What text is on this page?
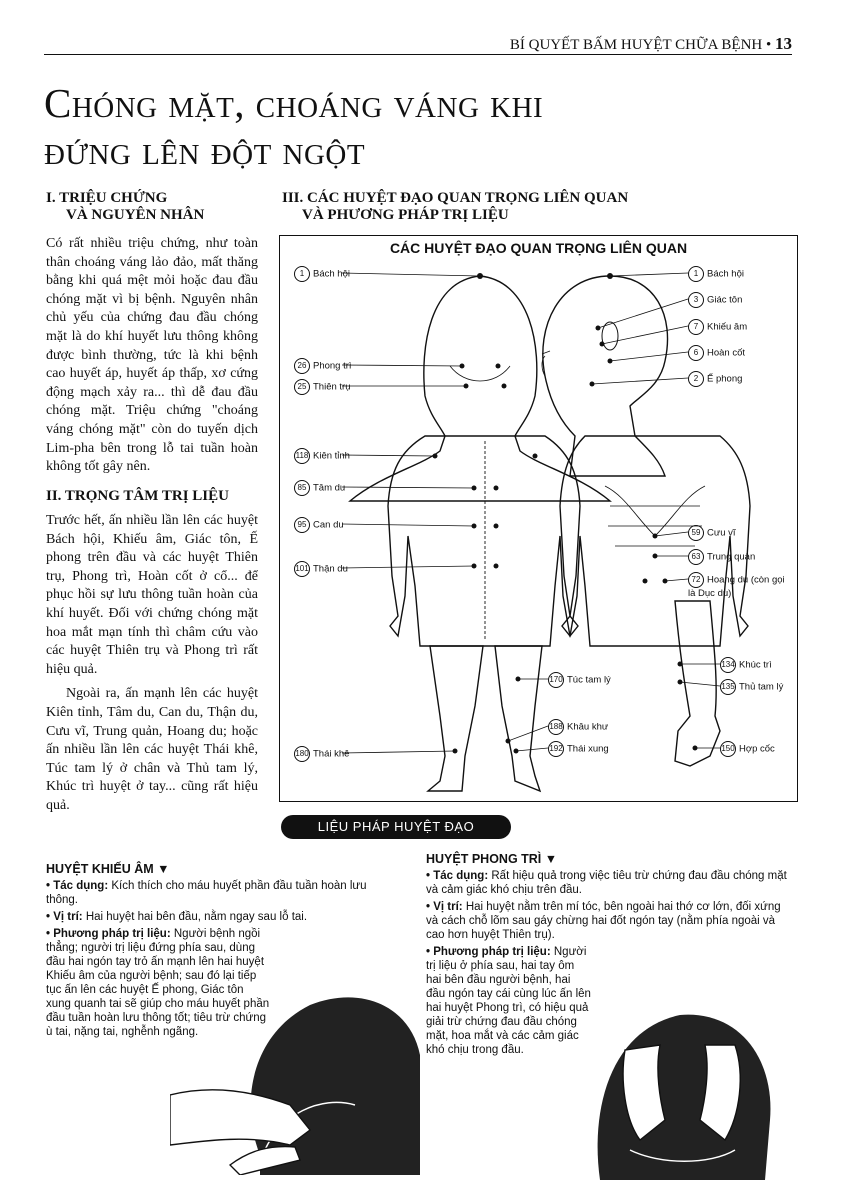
BÍ QUYẾT BẤM HUYỆT CHỮA BỆNH • 13
Chóng mặt, choáng váng khi
đứng lên đột ngột
I. TRIỆU CHỨNG
VÀ NGUYÊN NHÂN

Có rất nhiều triệu chứng, như toàn thân choáng váng lảo đảo, mất thăng bằng khi quá mệt mỏi hoặc đau đầu chóng mặt vì bị bệnh. Nguyên nhân chủ yếu của chứng đau đầu chóng mặt là do khí huyết lưu thông không được bình thường, tức là khi bệnh cao huyết áp, huyết áp thấp, xơ cứng động mạch xảy ra... thì dễ đau đầu chóng mặt. Triệu chứng "choáng váng chóng mặt" còn do tuyến dịch Lim-pha bên trong lỗ tai tuần hoàn không tốt gây nên.

II. TRỌNG TÂM TRỊ LIỆU

Trước hết, ấn nhiều lần lên các huyệt Bách hội, Khiếu âm, Giác tôn, Ế phong trên đầu và các huyệt Thiên trụ, Phong trì, Hoàn cốt ở cổ... để phục hồi sự lưu thông tuần hoàn của khí huyết. Đối với chứng chóng mặt hoa mắt mạn tính thì châm cứu vào các huyệt Thiên trụ và Phong trì rất hiệu quả.

Ngoài ra, ấn mạnh lên các huyệt Kiên tỉnh, Tâm du, Can du, Thận du, Cưu vĩ, Trung quản, Hoang du; hoặc ấn nhiều lần lên các huyệt Thái khê, Túc tam lý ở chân và Thủ tam lý, Khúc trì huyệt ở tay... cũng rất hiệu quả.

III. CÁC HUYỆT ĐẠO QUAN TRỌNG LIÊN QUAN
VÀ PHƯƠNG PHÁP TRỊ LIỆU
CÁC HUYỆT ĐẠO QUAN TRỌNG LIÊN QUAN
1 Bách hội	1 Bách hội
3 Giác tôn
7 Khiếu âm
6 Hoàn cốt
26 Phong trì
25 Thiên trụ
2 Ế phong
118 Kiên tỉnh
85 Tâm du
95 Can du
101 Thận du
59 Cưu vĩ
63 Trung quản
72 Hoang du (còn gọi là Dục du)
134 Khúc trì
135 Thủ tam lý
170 Túc tam lý
188 Khâu khư
192 Thái xung
180 Thái khê
150 Hợp cốc
LIỆU PHÁP HUYỆT ĐẠO
HUYỆT KHIẾU ÂM ▼

• Tác dụng: Kích thích cho máu huyết phần đầu tuần hoàn lưu thông.

• Vị trí: Hai huyệt hai bên đầu, nằm ngay sau lỗ tai.

• Phương pháp trị liệu: Người bệnh ngồi thẳng; người trị liệu đứng phía sau, dùng đầu hai ngón tay trỏ ấn mạnh lên hai huyệt Khiếu âm của người bệnh; sau đó lại tiếp tục ấn lên các huyệt Ế phong, Giác tôn xung quanh tai sẽ giúp cho máu huyết phần đầu tuần hoàn lưu thông tốt; tiêu trừ chứng ù tai, nặng tai, nghễnh ngãng.

HUYỆT PHONG TRÌ ▼

• Tác dụng: Rất hiệu quả trong việc tiêu trừ chứng đau đầu chóng mặt và cảm giác khó chịu trên đầu.

• Vị trí: Hai huyệt nằm trên mí tóc, bên ngoài hai thớ cơ lớn, đối xứng và cách chỗ lõm sau gáy chừng hai đốt ngón tay (nằm phía ngoài và cao hơn huyệt Thiên trụ).

• Phương pháp trị liệu: Người trị liệu ở phía sau, hai tay ôm hai bên đầu người bệnh, hai đầu ngón tay cái cùng lúc ấn lên hai huyệt Phong trì, có hiệu quả giải trừ chứng đau đầu chóng mặt, hoa mắt và các cảm giác khó chịu trong đầu.
